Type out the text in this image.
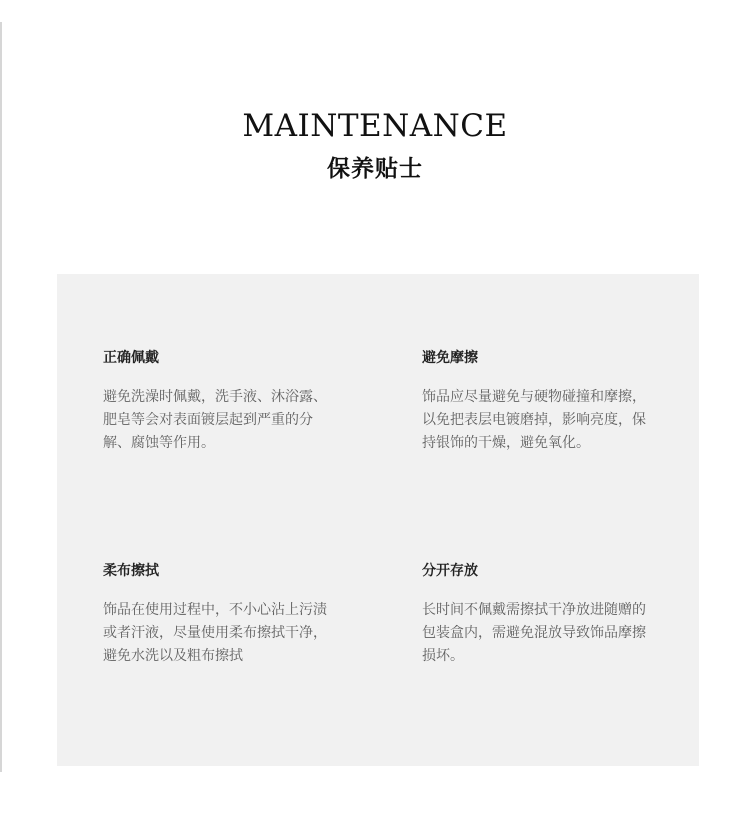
MAINTENANCE
保养贴士
正确佩戴

避免洗澡时佩戴，洗手液、沐浴露、肥皂等会对表面镀层起到严重的分解、腐蚀等作用。

避免摩擦

饰品应尽量避免与硬物碰撞和摩擦，以免把表层电镀磨掉，影响亮度，保持银饰的干燥，避免氧化。

柔布擦拭

饰品在使用过程中，不小心沾上污渍或者汗液，尽量使用柔布擦拭干净，避免水洗以及粗布擦拭

分开存放

长时间不佩戴需擦拭干净放进随赠的包装盒内，需避免混放导致饰品摩擦损坏。
